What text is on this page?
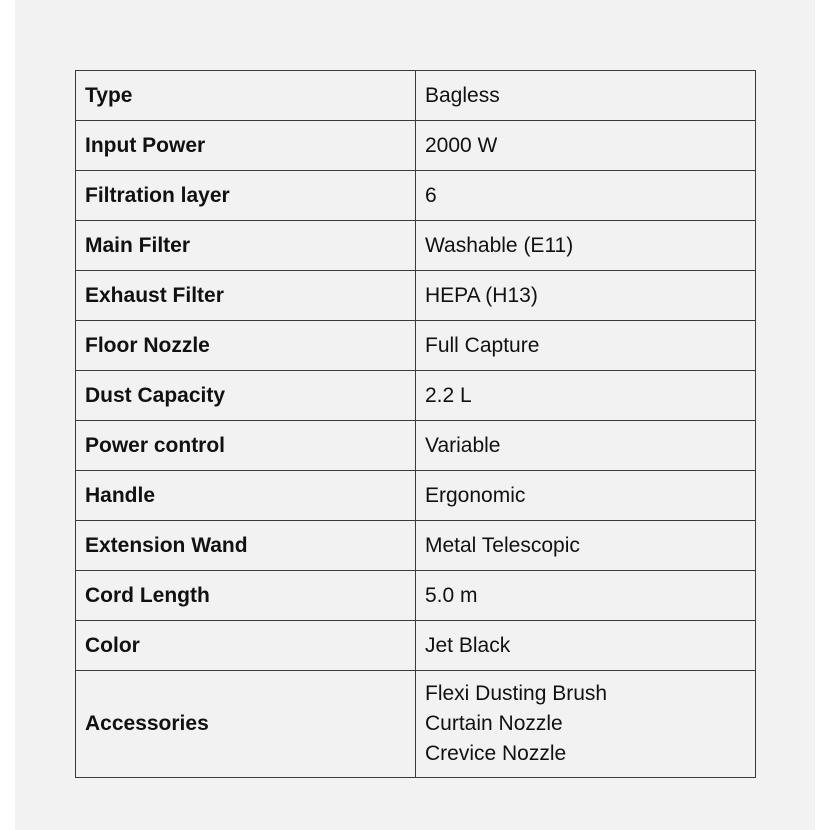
Type	Bagless
Input Power	2000 W
Filtration layer	6
Main Filter	Washable (E11)
Exhaust Filter	HEPA (H13)
Floor Nozzle	Full Capture
Dust Capacity	2.2 L
Power control	Variable
Handle	Ergonomic
Extension Wand	Metal Telescopic
Cord Length	5.0 m
Color	Jet Black
Accessories	Flexi Dusting Brush
Curtain Nozzle
Crevice Nozzle
